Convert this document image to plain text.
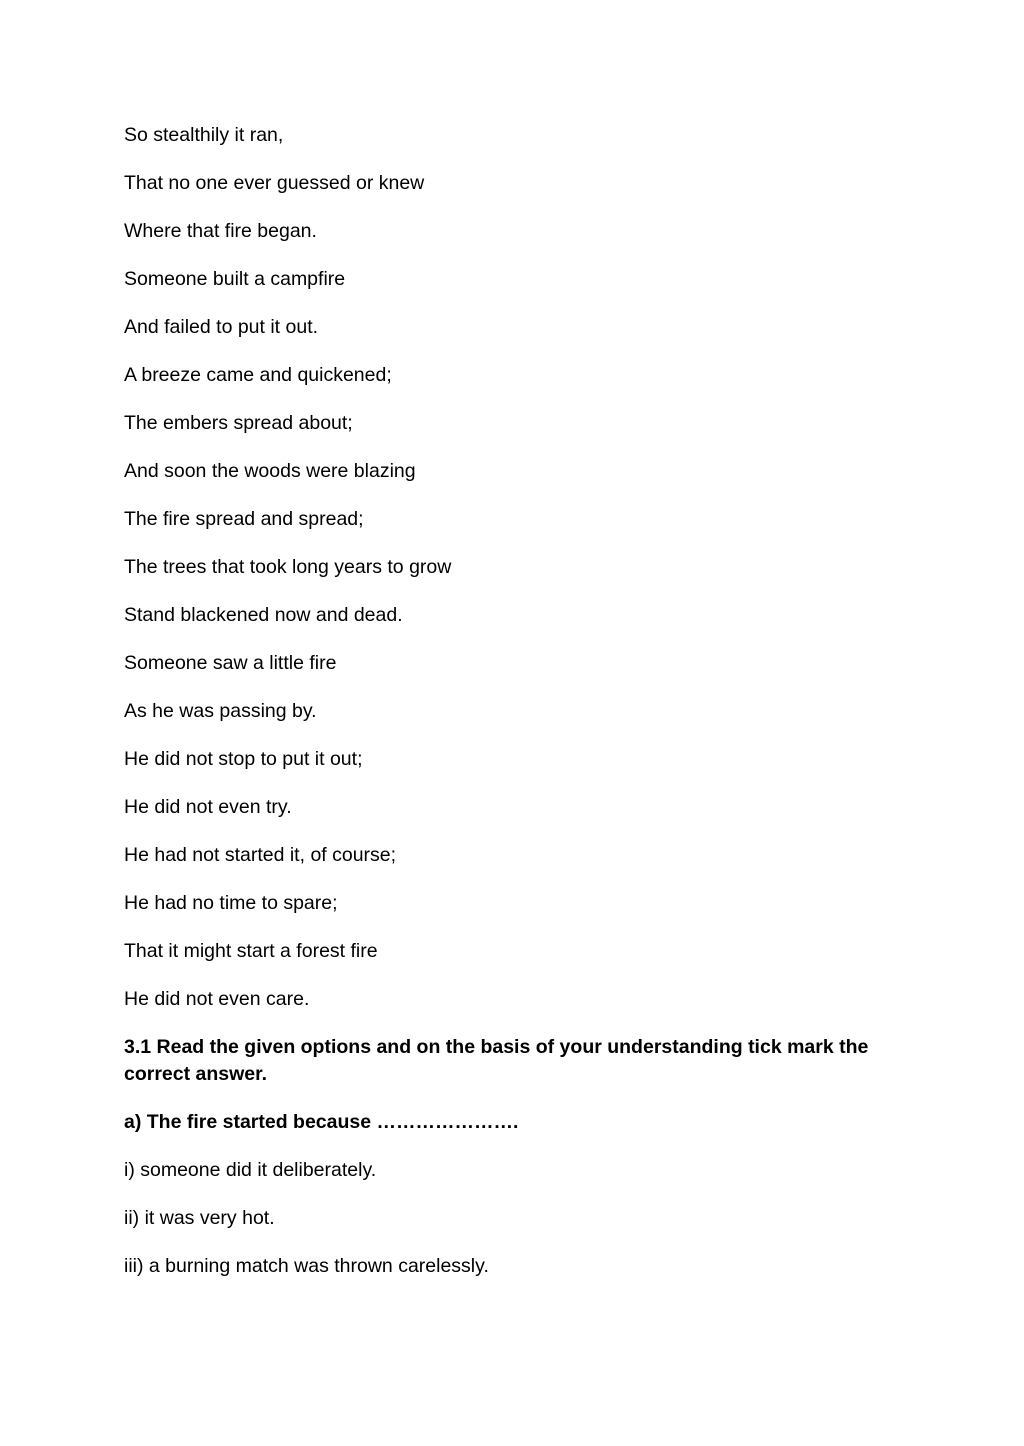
So stealthily it ran,
That no one ever guessed or knew
Where that fire began.
Someone built a campfire
And failed to put it out.
A breeze came and quickened;
The embers spread about;
And soon the woods were blazing
The fire spread and spread;
The trees that took long years to grow
Stand blackened now and dead.
Someone saw a little fire
As he was passing by.
He did not stop to put it out;
He did not even try.
He had not started it, of course;
He had no time to spare;
That it might start a forest fire
He did not even care.
3.1 Read the given options and on the basis of your understanding tick mark the correct answer.
a) The fire started because ………………….
i) someone did it deliberately.
ii) it was very hot.
iii) a burning match was thrown carelessly.
